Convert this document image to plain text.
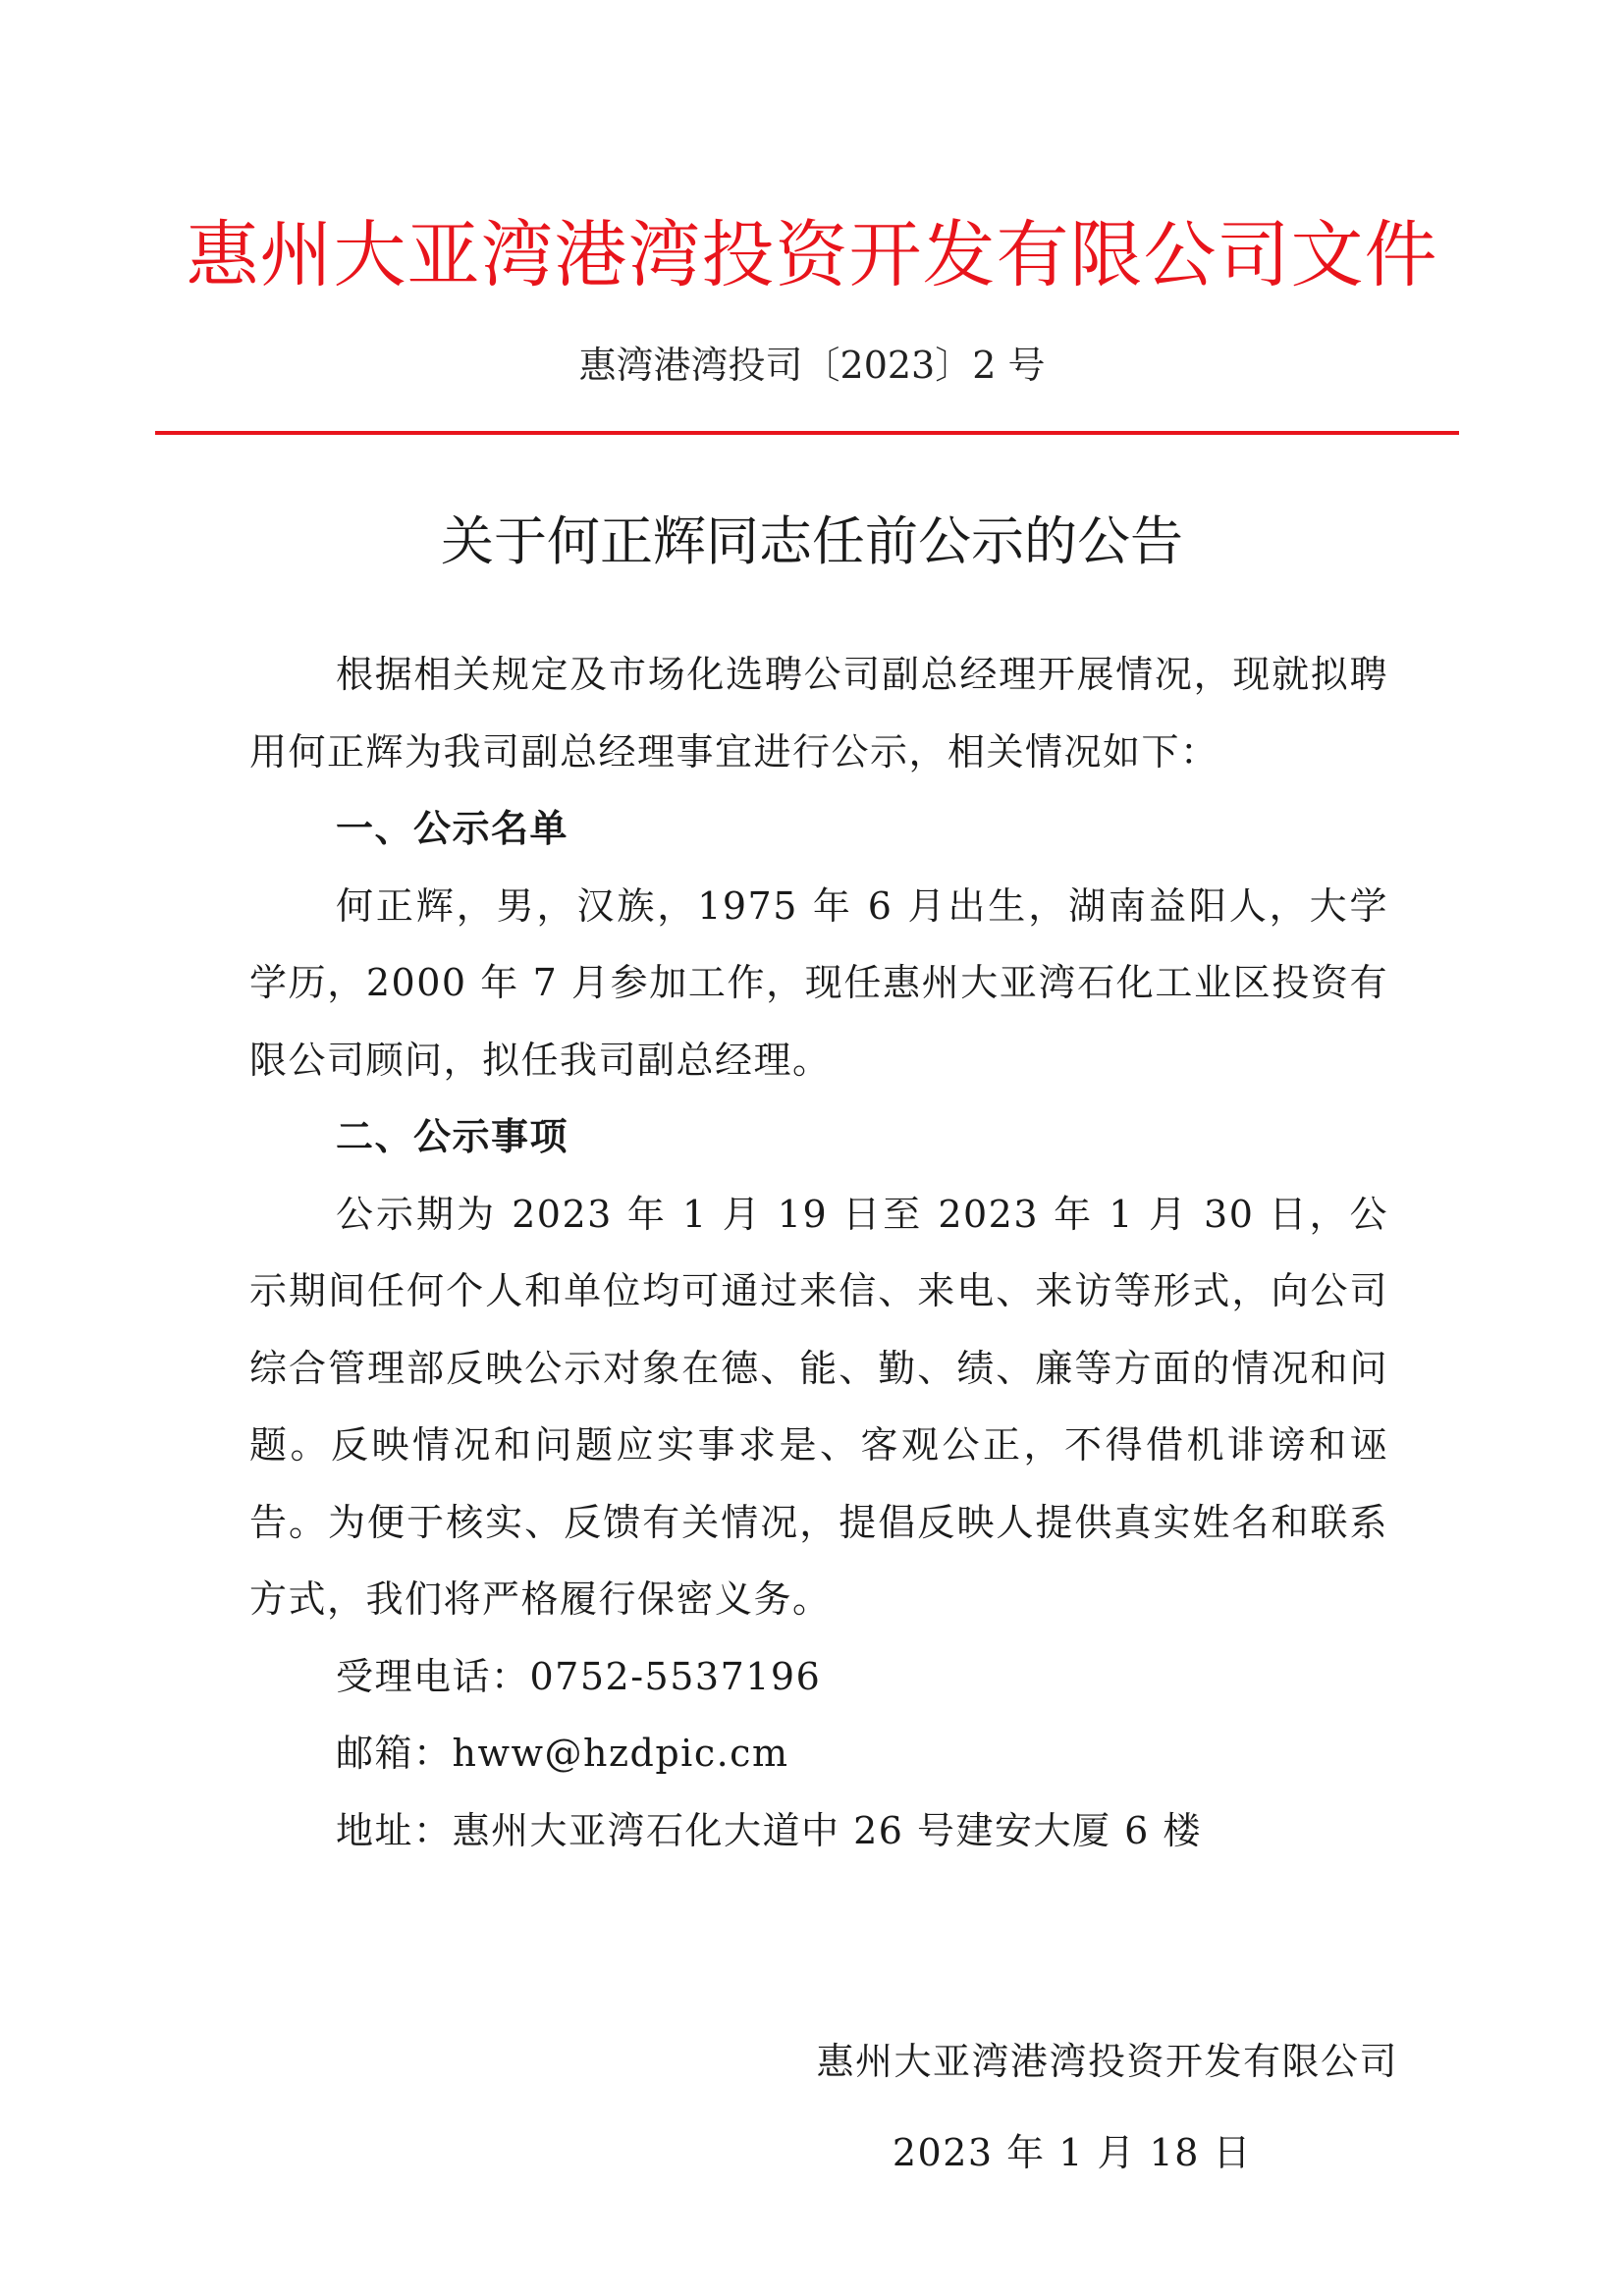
惠州大亚湾港湾投资开发有限公司文件
惠湾港湾投司〔2023〕2 号
关于何正辉同志任前公示的公告

根据相关规定及市场化选聘公司副总经理开展情况，现就拟聘用何正辉为我司副总经理事宜进行公示，相关情况如下：

一、公示名单

何正辉，男，汉族，1975 年 6 月出生，湖南益阳人，大学学历，2000 年 7 月参加工作，现任惠州大亚湾石化工业区投资有限公司顾问，拟任我司副总经理。

二、公示事项

公示期为 2023 年 1 月 19 日至 2023 年 1 月 30 日，公示期间任何个人和单位均可通过来信、来电、来访等形式，向公司综合管理部反映公示对象在德、能、勤、绩、廉等方面的情况和问题。反映情况和问题应实事求是、客观公正，不得借机诽谤和诬告。为便于核实、反馈有关情况，提倡反映人提供真实姓名和联系方式，我们将严格履行保密义务。

受理电话：0752-5537196

邮箱：hww@hzdpic.cm

地址：惠州大亚湾石化大道中 26 号建安大厦 6 楼

惠州大亚湾港湾投资开发有限公司
2023 年 1 月 18 日
